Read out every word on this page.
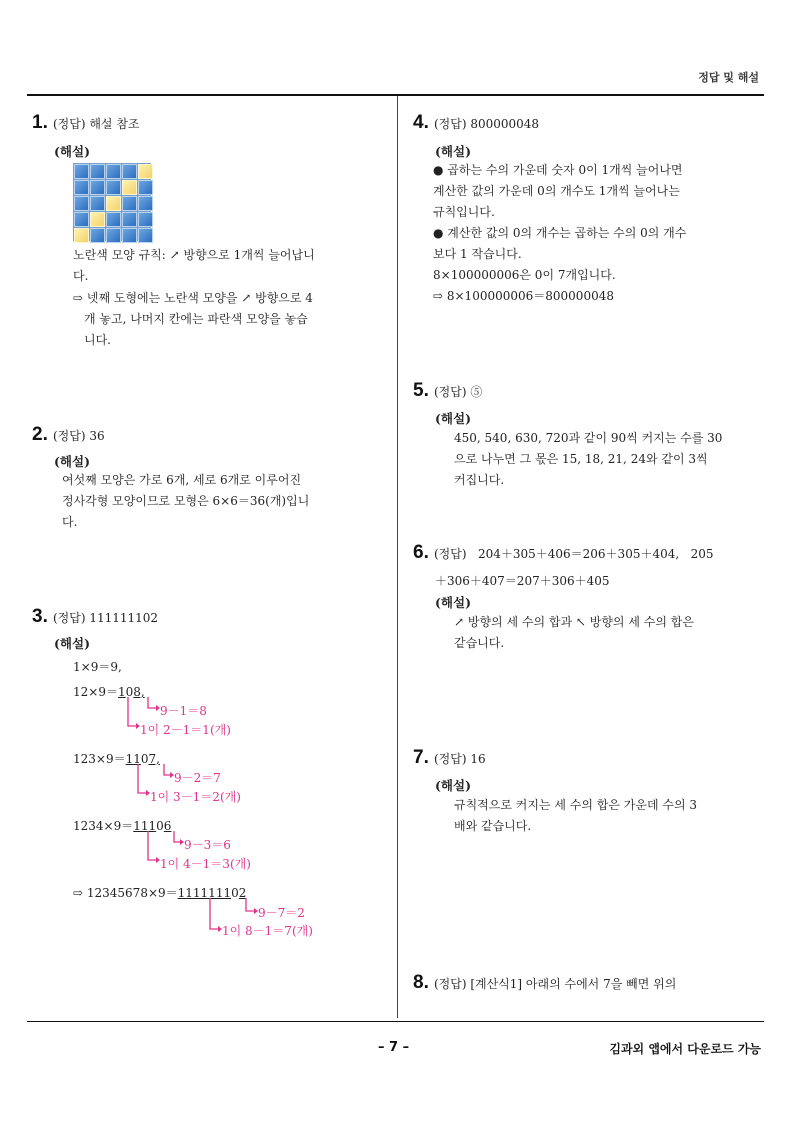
정답 및 해설
1. (정답) 해설 참조
(해설)
노란색 모양 규칙: ↗ 방향으로 1개씩 늘어납니
다.
⇨ 넷째 도형에는 노란색 모양을 ↗ 방향으로 4
개 놓고, 나머지 칸에는 파란색 모양을 놓습
니다.
2. (정답) 36
(해설)
여섯째 모양은 가로 6개, 세로 6개로 이루어진
정사각형 모양이므로 모형은 6×6＝36(개)입니
다.
3. (정답) 111111102
(해설)
1×9＝9,
12×9＝108,
9－1＝8
1이 2－1＝1(개)
123×9＝1107,
9－2＝7
1이 3－1＝2(개)
1234×9＝11106
9－3＝6
1이 4－1＝3(개)
⇨ 12345678×9＝111111102
9－7＝2
1이 8－1＝7(개)
4. (정답) 800000048
(해설)
● 곱하는 수의 가운데 숫자 0이 1개씩 늘어나면
계산한 값의 가운데 0의 개수도 1개씩 늘어나는
규칙입니다.
● 계산한 값의 0의 개수는 곱하는 수의 0의 개수
보다 1 작습니다.
8×100000006은 0이 7개입니다.
⇨ 8×100000006＝800000048
5. (정답) ⑤
(해설)
450, 540, 630, 720과 같이 90씩 커지는 수를 30
으로 나누면 그 몫은 15, 18, 21, 24와 같이 3씩
커집니다.
6. (정답)   204＋305＋406＝206＋305＋404,   205
＋306＋407＝207＋306＋405
(해설)
↗ 방향의 세 수의 합과 ↖ 방향의 세 수의 합은
같습니다.
7. (정답) 16
(해설)
규칙적으로 커지는 세 수의 합은 가운데 수의 3
배와 같습니다.
8. (정답) [계산식1] 아래의 수에서 7을 빼면 위의
– 7 –	김과외 앱에서 다운로드 가능
